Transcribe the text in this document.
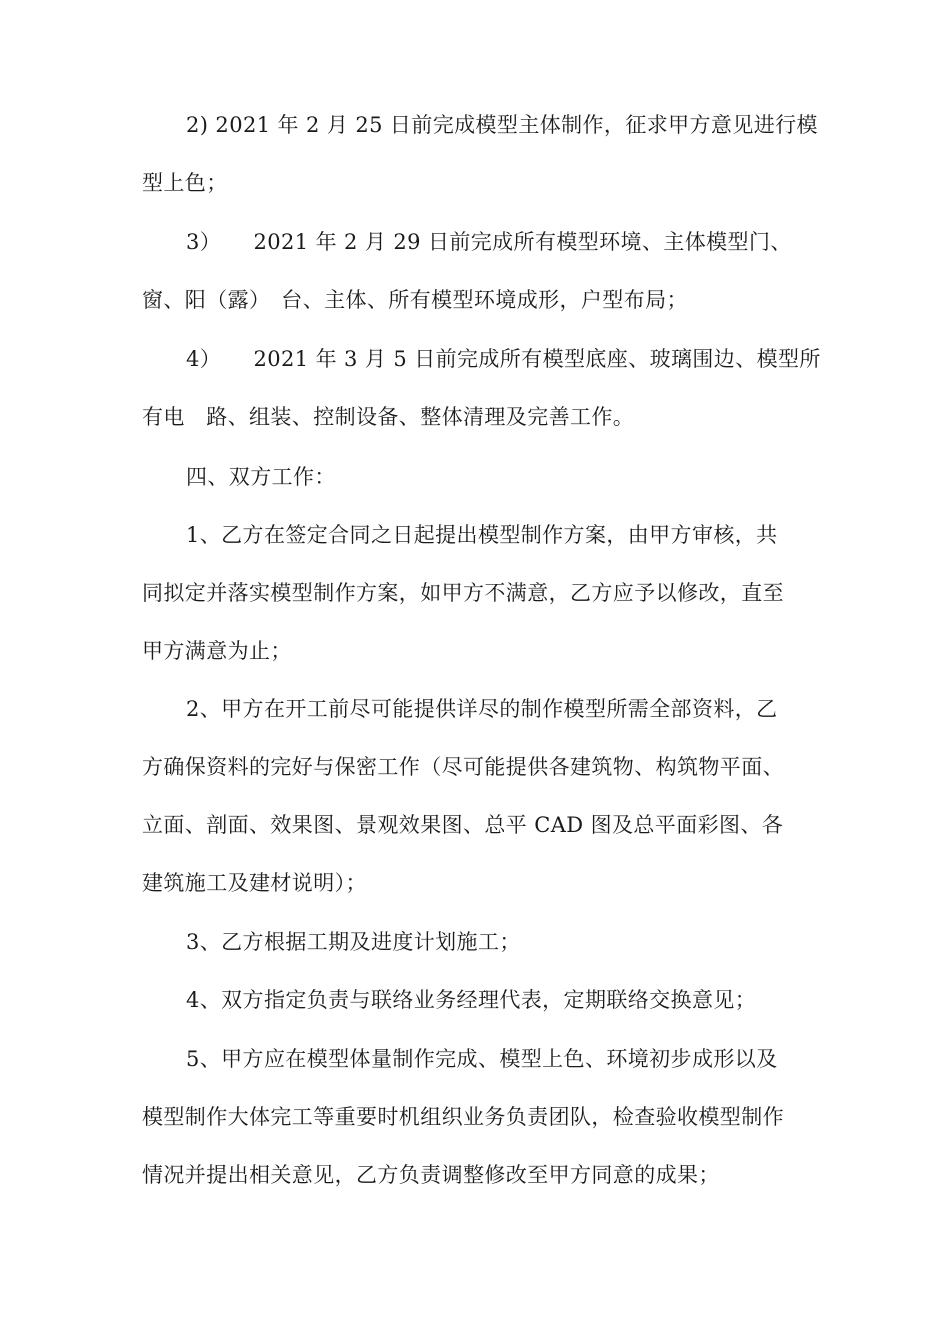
2) 2021 年 2 月 25 日前完成模型主体制作，征求甲方意见进行模
型上色；

3）　　2021 年 2 月 29 日前完成所有模型环境、主体模型门、
窗、阳（露）　台、主体、所有模型环境成形，户型布局；

4）　　2021 年 3 月 5 日前完成所有模型底座、玻璃围边、模型所
有电　路、组装、控制设备、整体清理及完善工作。

四、双方工作：

1、乙方在签定合同之日起提出模型制作方案，由甲方审核，共
同拟定并落实模型制作方案，如甲方不满意，乙方应予以修改，直至
甲方满意为止；

2、甲方在开工前尽可能提供详尽的制作模型所需全部资料，乙
方确保资料的完好与保密工作（尽可能提供各建筑物、构筑物平面、
立面、剖面、效果图、景观效果图、总平 CAD 图及总平面彩图、各
建筑施工及建材说明）；

3、乙方根据工期及进度计划施工；

4、双方指定负责与联络业务经理代表，定期联络交换意见；

5、甲方应在模型体量制作完成、模型上色、环境初步成形以及
模型制作大体完工等重要时机组织业务负责团队，检查验收模型制作
情况并提出相关意见，乙方负责调整修改至甲方同意的成果；
